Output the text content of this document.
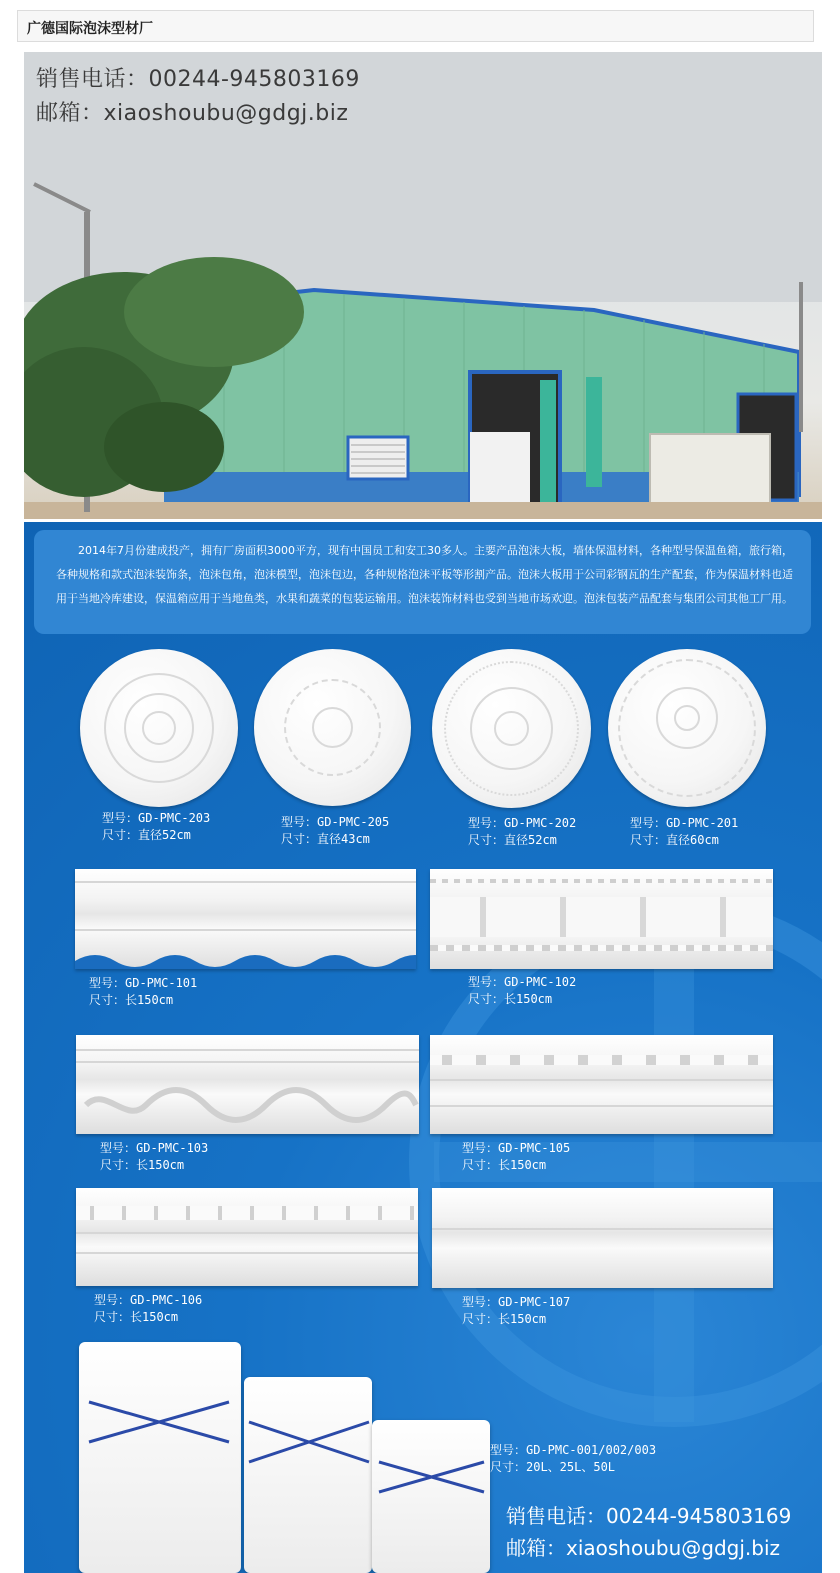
广德国际泡沫型材厂
销售电话：00244-945803169
邮箱：xiaoshoubu@gdgj.biz
2014年7月份建成投产，拥有厂房面积3000平方，现有中国员工和安工30多人。主要产品泡沫大板，墙体保温材料，各种型号保温鱼箱，旅行箱，各种规格和款式泡沫装饰条，泡沫包角，泡沫模型，泡沫包边，各种规格泡沫平板等形割产品。泡沫大板用于公司彩钢瓦的生产配套，作为保温材料也适用于当地冷库建设，保温箱应用于当地鱼类，水果和蔬菜的包装运输用。泡沫装饰材料也受到当地市场欢迎。泡沫包装产品配套与集团公司其他工厂用。
型号：GD-PMC-203
尺寸：直径52cm
型号：GD-PMC-205
尺寸：直径43cm
型号：GD-PMC-202
尺寸：直径52cm
型号：GD-PMC-201
尺寸：直径60cm
型号：GD-PMC-101
尺寸：长150cm
型号：GD-PMC-102
尺寸：长150cm
型号：GD-PMC-103
尺寸：长150cm
型号：GD-PMC-105
尺寸：长150cm
型号：GD-PMC-106
尺寸：长150cm
型号：GD-PMC-107
尺寸：长150cm
型号：GD-PMC-001/002/003
尺寸：20L、25L、50L
销售电话：00244-945803169
邮箱：xiaoshoubu@gdgj.biz
